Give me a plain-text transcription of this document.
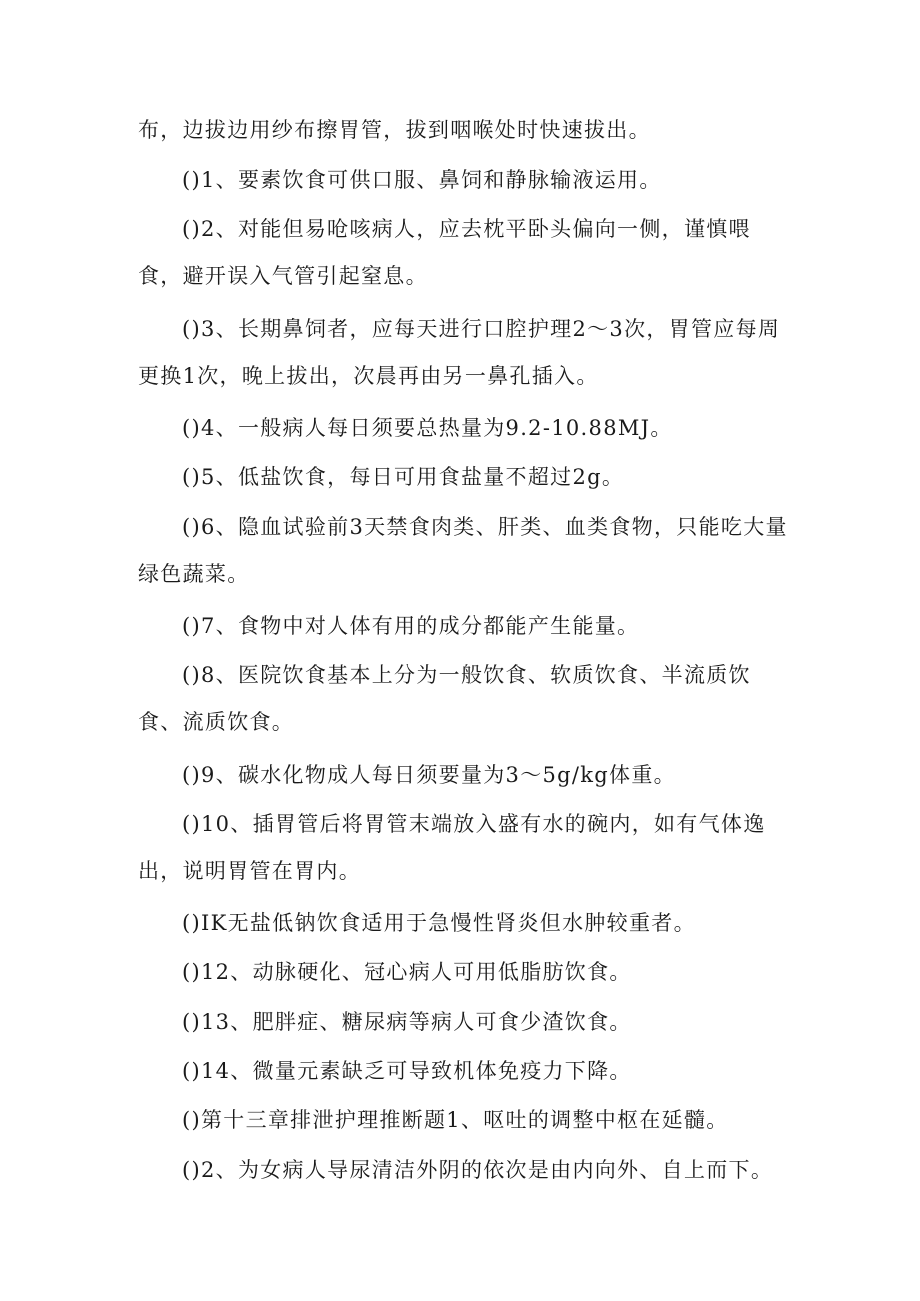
布，边拔边用纱布擦胃管，拔到咽喉处时快速拔出。

()1、要素饮食可供口服、鼻饲和静脉输液运用。

()2、对能但易呛咳病人，应去枕平卧头偏向一侧，谨慎喂食，避开误入气管引起窒息。

()3、长期鼻饲者，应每天进行口腔护理2～3次，胃管应每周更换1次，晚上拔出，次晨再由另一鼻孔插入。

()4、一般病人每日须要总热量为9.2-10.88MJ。

()5、低盐饮食，每日可用食盐量不超过2g。

()6、隐血试验前3天禁食肉类、肝类、血类食物，只能吃大量绿色蔬菜。

()7、食物中对人体有用的成分都能产生能量。

()8、医院饮食基本上分为一般饮食、软质饮食、半流质饮食、流质饮食。

()9、碳水化物成人每日须要量为3～5g/kg体重。

()10、插胃管后将胃管末端放入盛有水的碗内，如有气体逸出，说明胃管在胃内。

()IK无盐低钠饮食适用于急慢性肾炎但水肿较重者。

()12、动脉硬化、冠心病人可用低脂肪饮食。

()13、肥胖症、糖尿病等病人可食少渣饮食。

()14、微量元素缺乏可导致机体免疫力下降。

()第十三章排泄护理推断题1、呕吐的调整中枢在延髓。

()2、为女病人导尿清洁外阴的依次是由内向外、自上而下。
